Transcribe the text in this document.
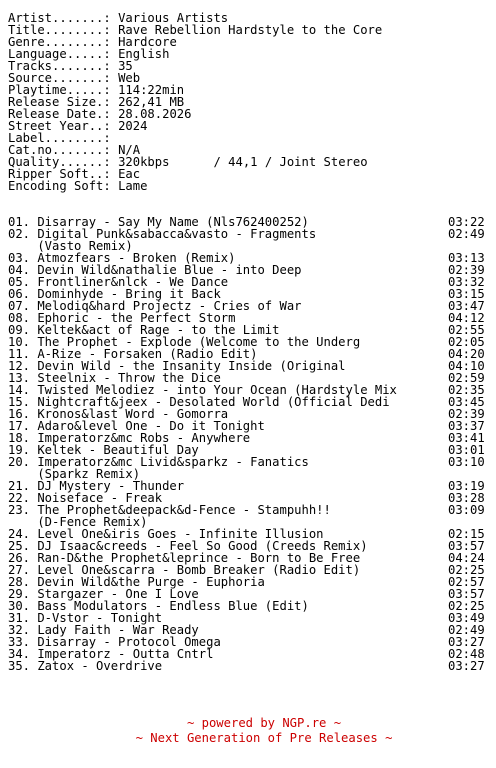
Artist.......: Various Artists
Title........: Rave Rebellion Hardstyle to the Core
Genre........: Hardcore
Language.....: English
Tracks.......: 35
Source.......: Web
Playtime.....: 114:22min
Release Size.: 262,41 MB
Release Date.: 28.08.2026
Street Year..: 2024
Label........:
Cat.no.......: N/A
Quality......: 320kbps      / 44,1 / Joint Stereo
Ripper Soft..: Eac
Encoding Soft: Lame
01. Disarray - Say My Name (Nls762400252)	03:22
02. Digital Punk&sabacca&vasto - Fragments	02:49
(Vasto Remix)
03. Atmozfears - Broken (Remix)	03:13
04. Devin Wild&nathalie Blue - into Deep	02:39
05. Frontliner&nlck - We Dance	03:32
06. Dominhyde - Bring it Back	03:15
07. Melodiq&hard Projectz - Cries of War	03:47
08. Ephoric - the Perfect Storm	04:12
09. Keltek&act of Rage - to the Limit	02:55
10. The Prophet - Explode (Welcome to the Underg	02:05
11. A-Rize - Forsaken (Radio Edit)	04:20
12. Devin Wild - the Insanity Inside (Original	04:10
13. Steelnix - Throw the Dice	02:59
14. Twisted Melodiez - into Your Ocean (Hardstyle Mix	02:35
15. Nightcraft&jeex - Desolated World (Official Dedi	03:45
16. Kronos&last Word - Gomorra	02:39
17. Adaro&level One - Do it Tonight	03:37
18. Imperatorz&mc Robs - Anywhere	03:41
19. Keltek - Beautiful Day	03:01
20. Imperatorz&mc Livid&sparkz - Fanatics	03:10
(Sparkz Remix)
21. DJ Mystery - Thunder	03:19
22. Noiseface - Freak	03:28
23. The Prophet&deepack&d-Fence - Stampuhh!!	03:09
(D-Fence Remix)
24. Level One&iris Goes - Infinite Illusion	02:15
25. DJ Isaac&creeds - Feel So Good (Creeds Remix)	03:57
26. Ran-D&the Prophet&leprince - Born to Be Free	04:24
27. Level One&scarra - Bomb Breaker (Radio Edit)	02:25
28. Devin Wild&the Purge - Euphoria	02:57
29. Stargazer - One I Love	03:57
30. Bass Modulators - Endless Blue (Edit)	02:25
31. D-Vstor - Tonight	03:49
32. Lady Faith - War Ready	02:49
33. Disarray - Protocol Omega	03:27
34. Imperatorz - Outta Cntrl	02:48
35. Zatox - Overdrive	03:27
~ powered by NGP.re ~
~ Next Generation of Pre Releases ~
